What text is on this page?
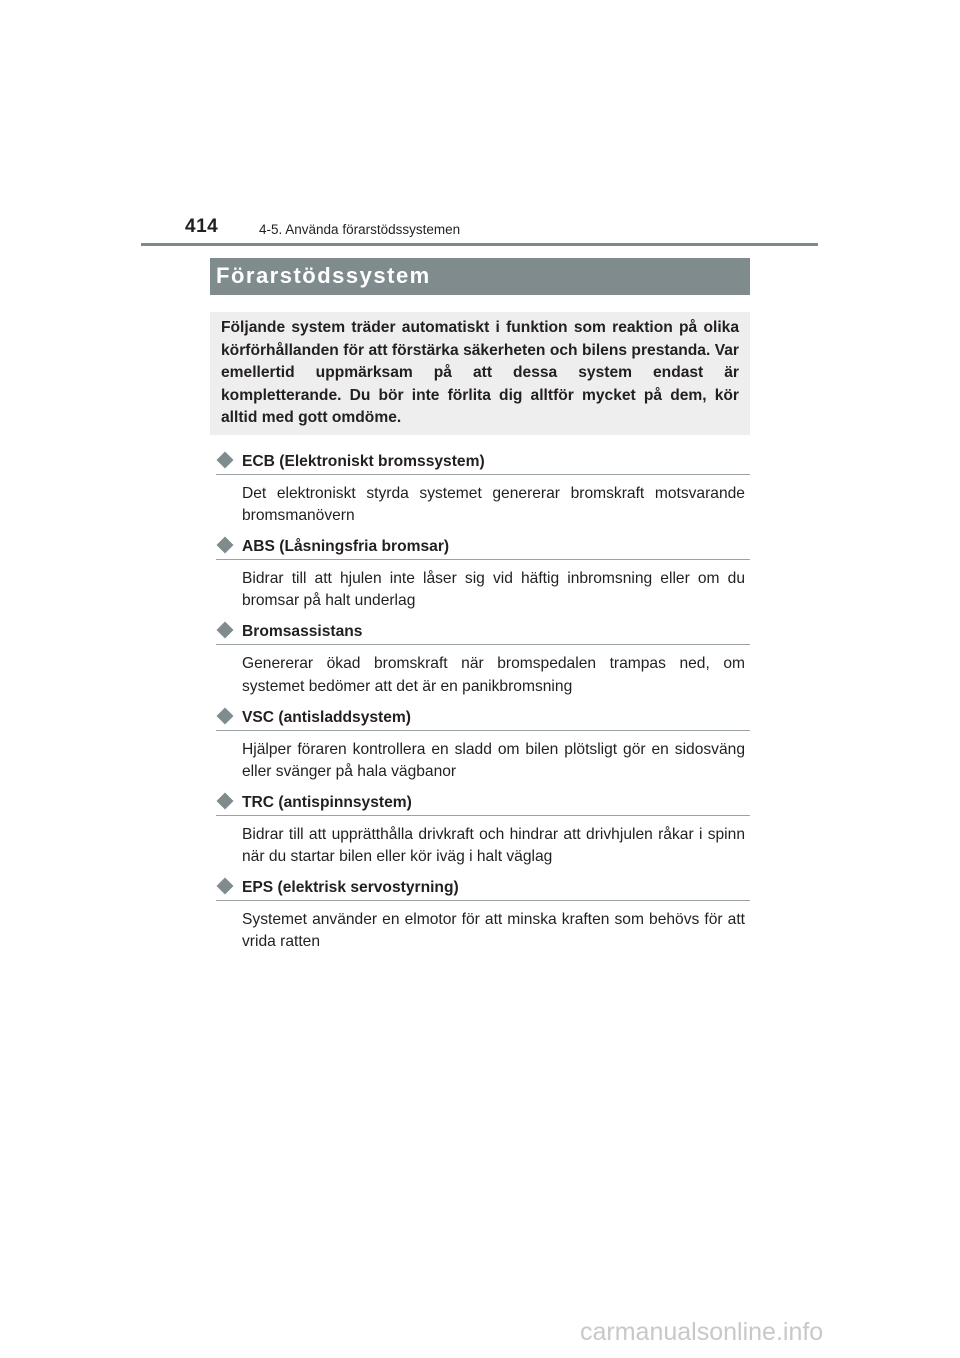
414	4-5. Använda förarstödssystemen
Förarstödssystem

Följande system träder automatiskt i funktion som reaktion på olika körförhållanden för att förstärka säkerheten och bilens prestanda. Var emellertid uppmärksam på att dessa system endast är kompletterande. Du bör inte förlita dig alltför mycket på dem, kör alltid med gott omdöme.

ECB (Elektroniskt bromssystem)

Det elektroniskt styrda systemet genererar bromskraft motsvarande bromsmanövern

ABS (Låsningsfria bromsar)

Bidrar till att hjulen inte låser sig vid häftig inbromsning eller om du bromsar på halt underlag

Bromsassistans

Genererar ökad bromskraft när bromspedalen trampas ned, om systemet bedömer att det är en panikbromsning

VSC (antisladdsystem)

Hjälper föraren kontrollera en sladd om bilen plötsligt gör en sidosväng eller svänger på hala vägbanor

TRC (antispinnsystem)

Bidrar till att upprätthålla drivkraft och hindrar att drivhjulen råkar i spinn när du startar bilen eller kör iväg i halt väglag

EPS (elektrisk servostyrning)

Systemet använder en elmotor för att minska kraften som behövs för att vrida ratten

carmanualsonline.info
